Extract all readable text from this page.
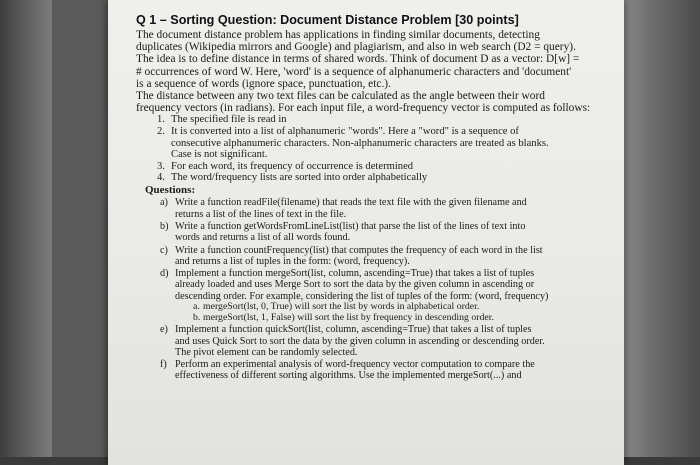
Q 1 – Sorting Question: Document Distance Problem [30 points]
The document distance problem has applications in finding similar documents, detecting
duplicates (Wikipedia mirrors and Google) and plagiarism, and also in web search (D2 = query).
The idea is to define distance in terms of shared words. Think of document D as a vector: D[w] =
# occurrences of word W. Here, 'word' is a sequence of alphanumeric characters and 'document'
is a sequence of words (ignore space, punctuation, etc.).
The distance between any two text files can be calculated as the angle between their word
frequency vectors (in radians). For each input file, a word-frequency vector is computed as follows:
1. The specified file is read in
2. It is converted into a list of alphanumeric "words". Here a "word" is a sequence of
consecutive alphanumeric characters. Non-alphanumeric characters are treated as blanks.
Case is not significant.
3. For each word, its frequency of occurrence is determined
4. The word/frequency lists are sorted into order alphabetically
Questions:
a) Write a function readFile(filename) that reads the text file with the given filename and
returns a list of the lines of text in the file.
b) Write a function getWordsFromLineList(list) that parse the list of the lines of text into
words and returns a list of all words found.
c) Write a function countFrequency(list) that computes the frequency of each word in the list
and returns a list of tuples in the form: (word, frequency).
d) Implement a function mergeSort(list, column, ascending=True) that takes a list of tuples
already loaded and uses Merge Sort to sort the data by the given column in ascending or
descending order. For example, considering the list of tuples of the form: (word, frequency)
a. mergeSort(lst, 0, True) will sort the list by words in alphabetical order.
b. mergeSort(lst, 1, False) will sort the list by frequency in descending order.
e) Implement a function quickSort(list, column, ascending=True) that takes a list of tuples
and uses Quick Sort to sort the data by the given column in ascending or descending order.
The pivot element can be randomly selected.
f) Perform an experimental analysis of word-frequency vector computation to compare the
effectiveness of different sorting algorithms. Use the implemented mergeSort(...) and
